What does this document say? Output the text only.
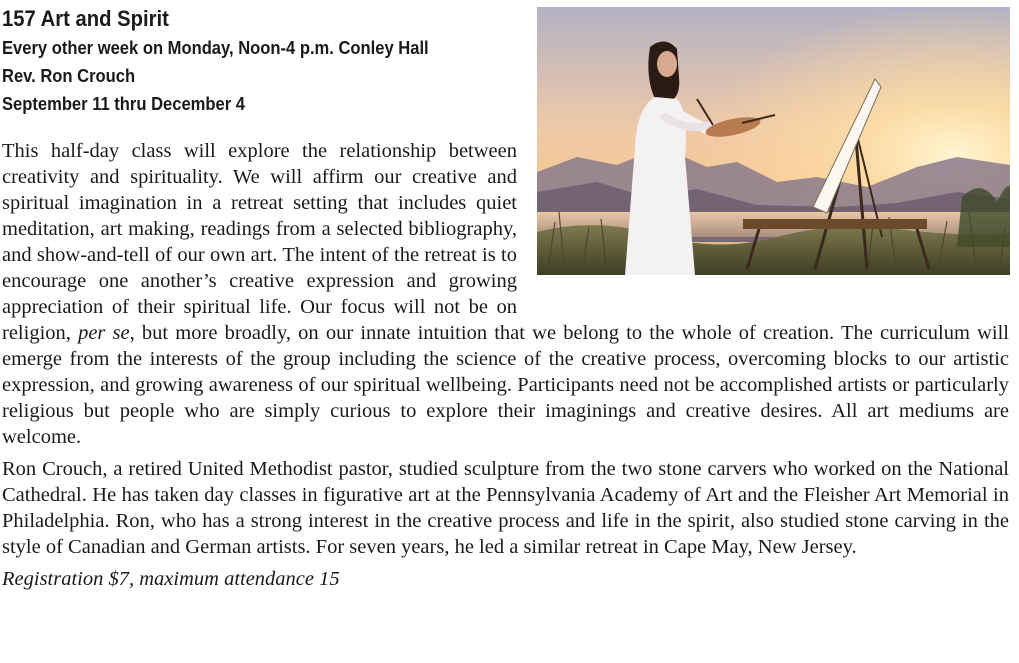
157 Art and Spirit
Every other week on Monday, Noon-4 p.m. Conley Hall
Rev. Ron Crouch
September 11 thru December 4

This half-day class will explore the relationship between creativity and spirituality. We will affirm our creative and spiritual imagination in a retreat setting that includes quiet meditation, art making, readings from a selected bibliography, and show-and-tell of our own art. The intent of the retreat is to encourage one another’s creative expression and growing appreciation of their spiritual life. Our focus will not be on religion, per se, but more broadly, on our innate intuition that we belong to the whole of creation. The curriculum will emerge from the interests of the group including the science of the creative process, overcoming blocks to our artistic expression, and growing awareness of our spiritual wellbeing. Participants need not be accomplished artists or particularly religious but people who are simply curious to explore their imaginings and creative desires. All art mediums are welcome.

Ron Crouch, a retired United Methodist pastor, studied sculpture from the two stone carvers who worked on the National Cathedral. He has taken day classes in figurative art at the Pennsylvania Academy of Art and the Fleisher Art Memorial in Philadelphia. Ron, who has a strong interest in the creative process and life in the spirit, also studied stone carving in the style of Canadian and German artists. For seven years, he led a similar retreat in Cape May, New Jersey.

Registration $7, maximum attendance 15
